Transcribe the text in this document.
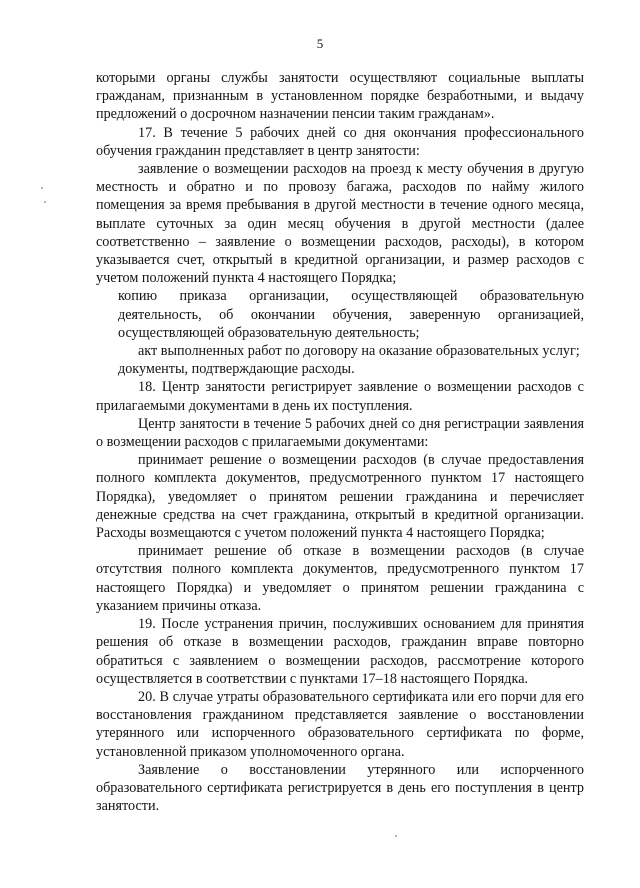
5

которыми органы службы занятости осуществляют социальные выплаты гражданам, признанным в установленном порядке безработными, и выдачу предложений о досрочном назначении пенсии таким гражданам».

17. В течение 5 рабочих дней со дня окончания профессионального обучения гражданин представляет в центр занятости:

заявление о возмещении расходов на проезд к месту обучения в другую местность и обратно и по провозу багажа, расходов по найму жилого помещения за время пребывания в другой местности в течение одного месяца, выплате суточных за один месяц обучения в другой местности (далее соответственно – заявление о возмещении расходов, расходы), в котором указывается счет, открытый в кредитной организации, и размер расходов с учетом положений пункта 4 настоящего Порядка;

копию приказа организации, осуществляющей образовательную деятельность, об окончании обучения, заверенную организацией, осуществляющей образовательную деятельность;

акт выполненных работ по договору на оказание образовательных услуг;

документы, подтверждающие расходы.

18. Центр занятости регистрирует заявление о возмещении расходов с прилагаемыми документами в день их поступления.

Центр занятости в течение 5 рабочих дней со дня регистрации заявления о возмещении расходов с прилагаемыми документами:

принимает решение о возмещении расходов (в случае предоставления полного комплекта документов, предусмотренного пунктом 17 настоящего Порядка), уведомляет о принятом решении гражданина и перечисляет денежные средства на счет гражданина, открытый в кредитной организации. Расходы возмещаются с учетом положений пункта 4 настоящего Порядка;

принимает решение об отказе в возмещении расходов (в случае отсутствия полного комплекта документов, предусмотренного пунктом 17 настоящего Порядка) и уведомляет о принятом решении гражданина с указанием причины отказа.

19. После устранения причин, послуживших основанием для принятия решения об отказе в возмещении расходов, гражданин вправе повторно обратиться с заявлением о возмещении расходов, рассмотрение которого осуществляется в соответствии с пунктами 17–18 настоящего Порядка.

20. В случае утраты образовательного сертификата или его порчи для его восстановления гражданином представляется заявление о восстановлении утерянного или испорченного образовательного сертификата по форме, установленной приказом уполномоченного органа.

Заявление о восстановлении утерянного или испорченного образовательного сертификата регистрируется в день его поступления в центр занятости.
